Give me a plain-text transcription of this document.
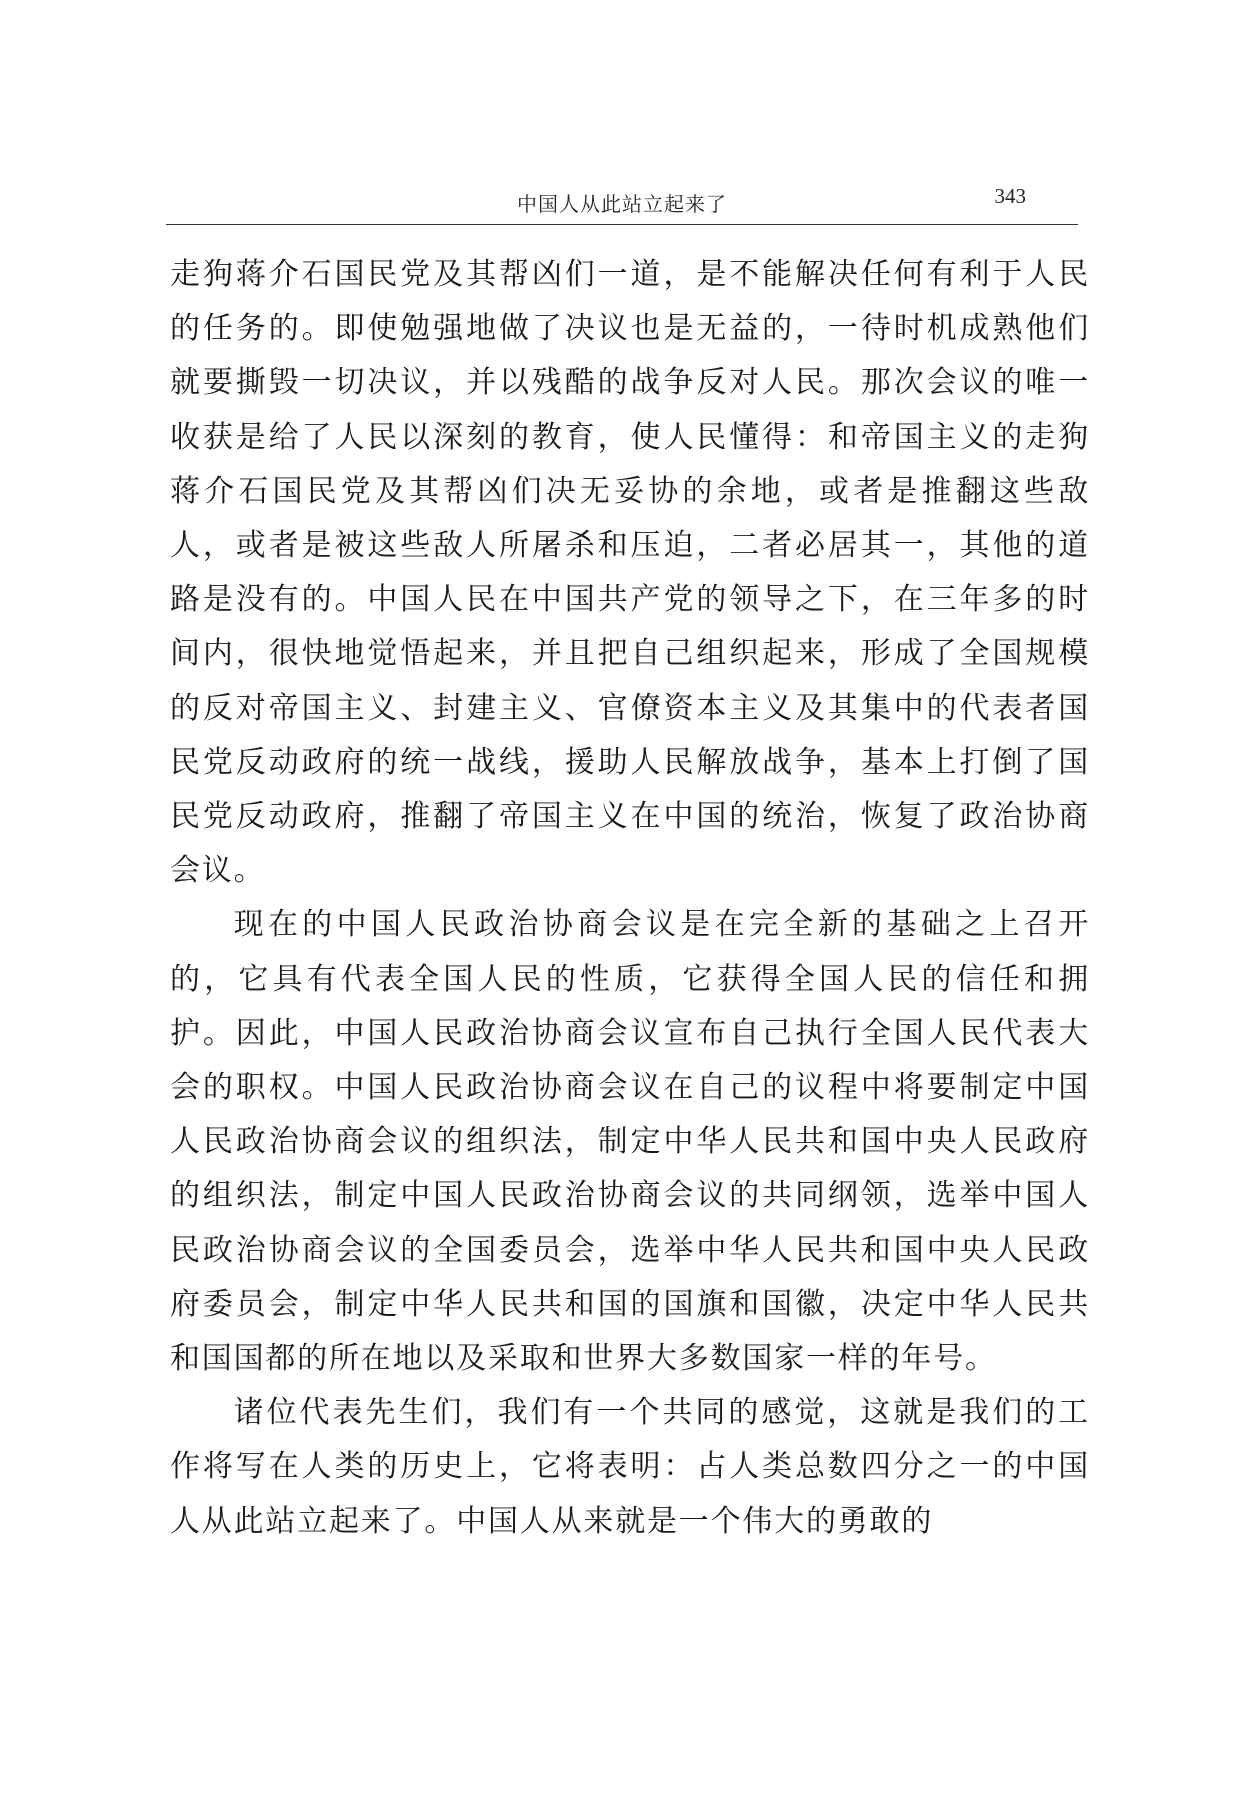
中国人从此站立起来了	343

走狗蒋介石国民党及其帮凶们一道，是不能解决任何有利于人民的任务的。即使勉强地做了决议也是无益的，一待时机成熟他们就要撕毁一切决议，并以残酷的战争反对人民。那次会议的唯一收获是给了人民以深刻的教育，使人民懂得：和帝国主义的走狗蒋介石国民党及其帮凶们决无妥协的余地，或者是推翻这些敌人，或者是被这些敌人所屠杀和压迫，二者必居其一，其他的道路是没有的。中国人民在中国共产党的领导之下，在三年多的时间内，很快地觉悟起来，并且把自己组织起来，形成了全国规模的反对帝国主义、封建主义、官僚资本主义及其集中的代表者国民党反动政府的统一战线，援助人民解放战争，基本上打倒了国民党反动政府，推翻了帝国主义在中国的统治，恢复了政治协商会议。

现在的中国人民政治协商会议是在完全新的基础之上召开的，它具有代表全国人民的性质，它获得全国人民的信任和拥护。因此，中国人民政治协商会议宣布自己执行全国人民代表大会的职权。中国人民政治协商会议在自己的议程中将要制定中国人民政治协商会议的组织法，制定中华人民共和国中央人民政府的组织法，制定中国人民政治协商会议的共同纲领，选举中国人民政治协商会议的全国委员会，选举中华人民共和国中央人民政府委员会，制定中华人民共和国的国旗和国徽，决定中华人民共和国国都的所在地以及采取和世界大多数国家一样的年号。

诸位代表先生们，我们有一个共同的感觉，这就是我们的工作将写在人类的历史上，它将表明：占人类总数四分之一的中国人从此站立起来了。中国人从来就是一个伟大的勇敢的
